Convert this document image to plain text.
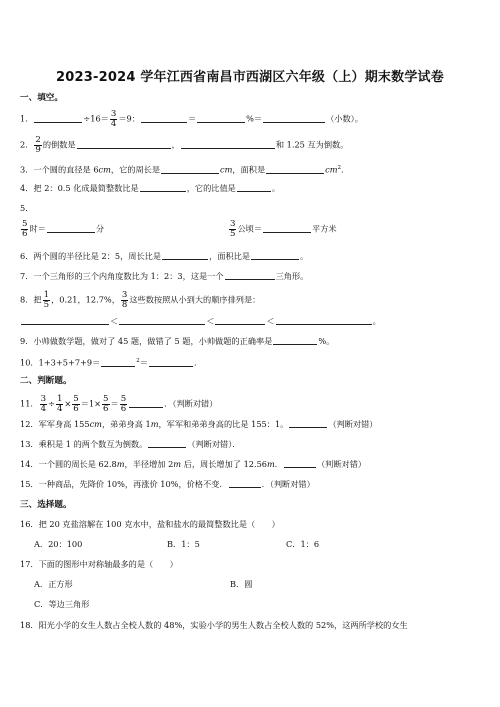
2023-2024 学年江西省南昌市西湖区六年级（上）期末数学试卷
一、填空。
1．	$\div 16= \frac{3}{4} =9$：	＝	%＝	（小数）。
2． $\frac{2}{9}$ 的倒数是	，	和 1.25 互为倒数。
3．一个圆的直径是 6cm，它的周长是	cm，面积是	$cm^2$．
4．把 2：0.5 化成最简整数比是	，它的比值是	。
5．
$\frac{5}{6}$ 时＝	分	$\frac{3}{5}$ 公顷＝	平方米
6．两个圆的半径比是 2：5，周长比是	，面积比是	。
7．一个三角形的三个内角度数比为 1：2：3，这是一个	三角形。
8．把 $\frac{1}{5}$ ，0.21，12.7%， $\frac{3}{8}$ 这些数按照从小到大的顺序排列是：
＜	＜	＜	。
9．小帅做数学题，做对了 45 题，做错了 5 题，小帅做题的正确率是	%。
10．1+3+5+7+9＝	$^2$＝	．
二、判断题。
11． $\frac{3}{4} \div \frac{1}{4} \times \frac{5}{6} =1\times \frac{5}{6} = \frac{5}{6}$	．（判断对错）
12．军军身高 155cm，弟弟身高 1m，军军和弟弟身高的比是 155：1。	（判断对错）
13．乘积是 1 的两个数互为倒数。	（判断对错）．
14．一个圆的周长是 62.8m，半径增加 2m 后，周长增加了 12.56m．	（判断对错）
15．一种商品，先降价 10%，再涨价 10%，价格不变．	．（判断对错）
三、选择题。
16．把 20 克盐溶解在 100 克水中，盐和盐水的最简整数比是（　　）
A．20：100	B．1：5	C．1：6
17．下面的图形中对称轴最多的是（　　）
A．正方形	B．圆
C．等边三角形
18．阳光小学的女生人数占全校人数的 48%，实验小学的男生人数占全校人数的 52%，这两所学校的女生
